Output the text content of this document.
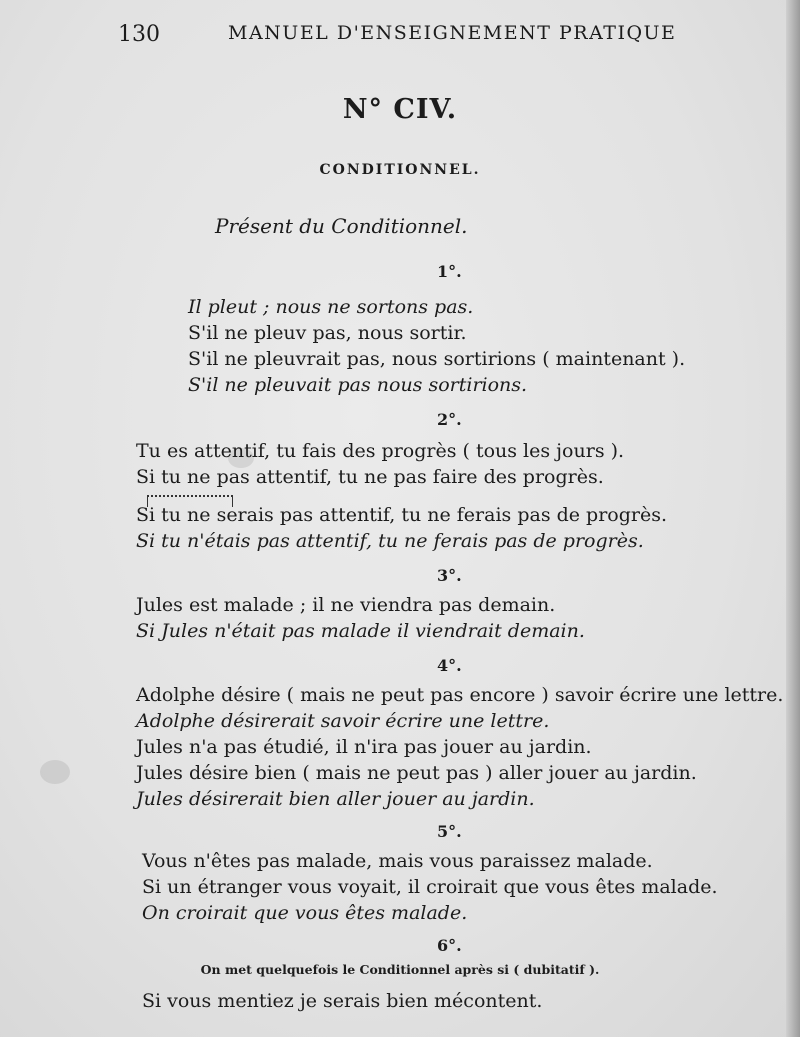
130	MANUEL D'ENSEIGNEMENT PRATIQUE
N° CIV.
CONDITIONNEL.
Présent du Conditionnel.
1°.
Il pleut ; nous ne sortons pas.
S'il ne pleuv pas, nous sortir.
S'il ne pleuvrait pas, nous sortirions ( maintenant ).
S'il ne pleuvait pas nous sortirions.
2°.
Tu es attentif, tu fais des progrès ( tous les jours ).
Si tu ne pas attentif, tu ne pas faire des progrès.
Si tu ne serais pas attentif, tu ne ferais pas de progrès.
Si tu n'étais pas attentif, tu ne ferais pas de progrès.
3°.
Jules est malade ; il ne viendra pas demain.
Si Jules n'était pas malade il viendrait demain.
4°.
Adolphe désire ( mais ne peut pas encore ) savoir écrire une lettre.
Adolphe désirerait savoir écrire une lettre.
Jules n'a pas étudié, il n'ira pas jouer au jardin.
Jules désire bien ( mais ne peut pas ) aller jouer au jardin.
Jules désirerait bien aller jouer au jardin.
5°.
Vous n'êtes pas malade, mais vous paraissez malade.
Si un étranger vous voyait, il croirait que vous êtes malade.
On croirait que vous êtes malade.
6°.
On met quelquefois le Conditionnel après si ( dubitatif ).
Si vous mentiez je serais bien mécontent.
